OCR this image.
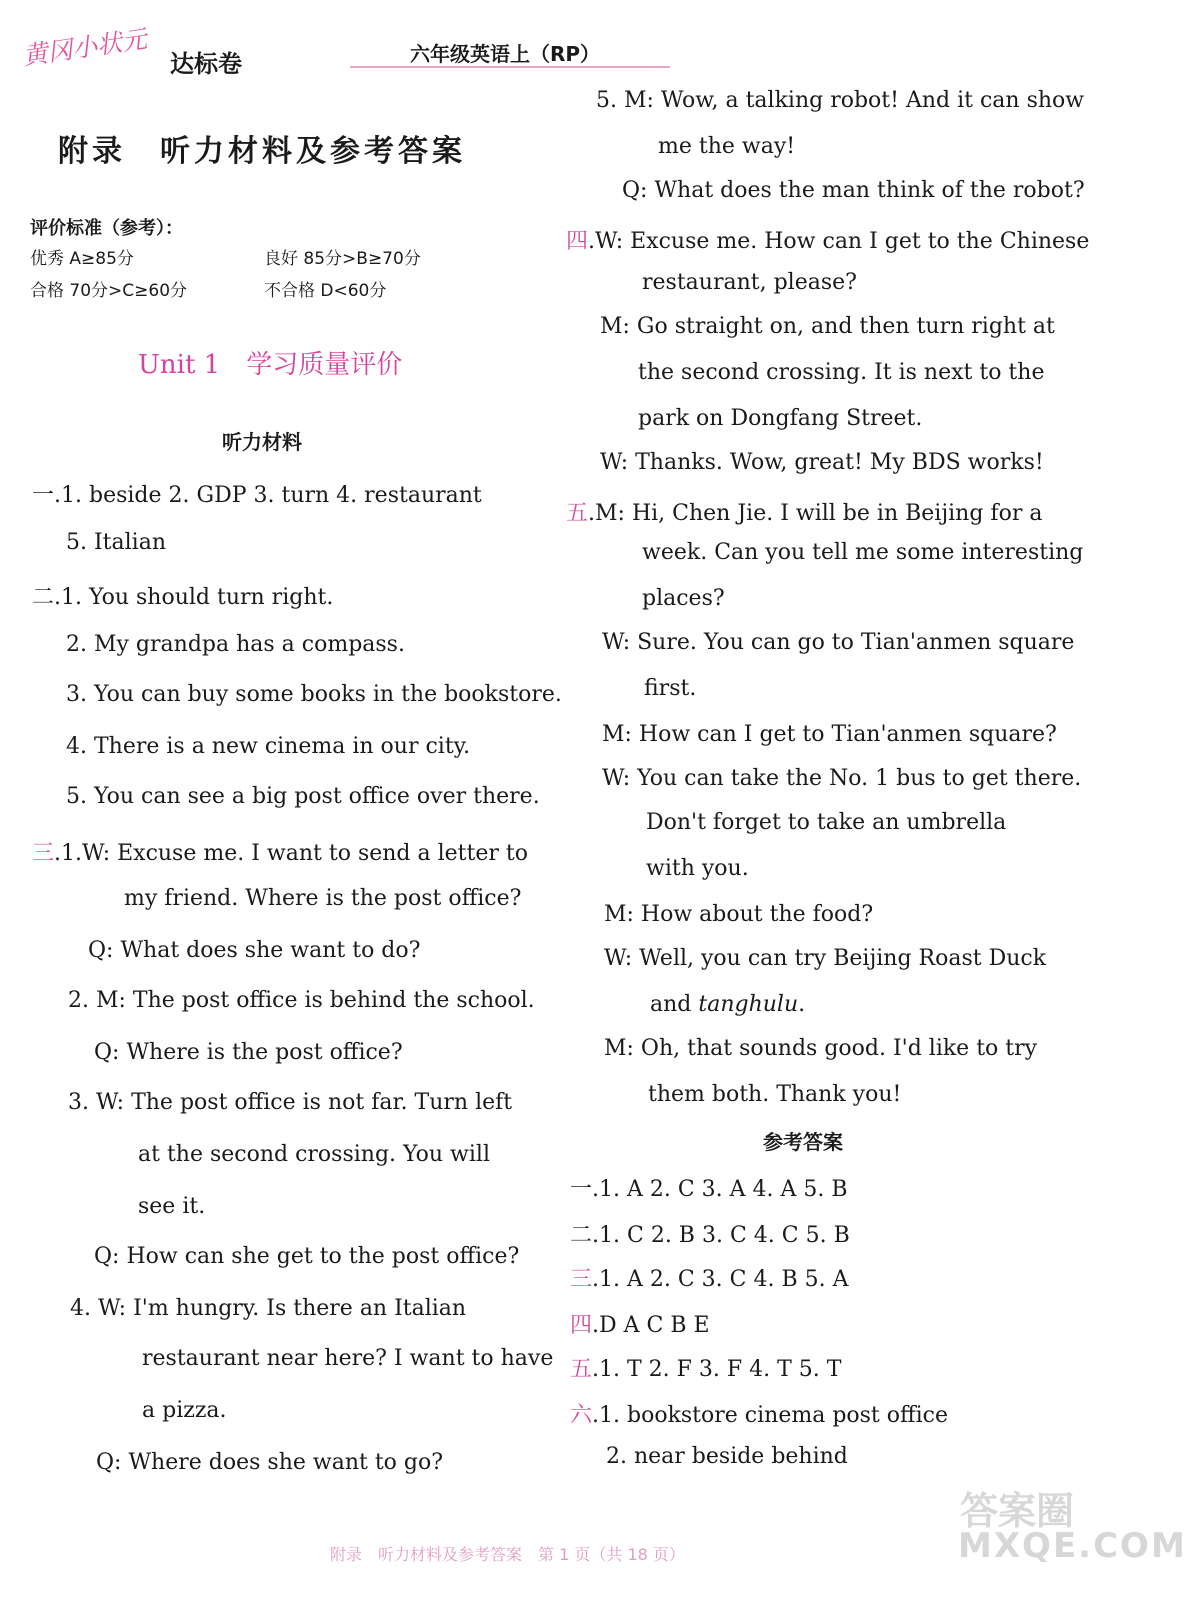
黄冈小状元 达标卷	六年级英语上（RP）
附录　听力材料及参考答案
评价标准（参考）：
优秀 A≥85分	良好 85分>B≥70分
合格 70分>C≥60分	不合格 D<60分
Unit 1　学习质量评价
听力材料
一.1. beside 2. GDP 3. turn 4. restaurant
5. Italian
二.1. You should turn right.
2. My grandpa has a compass.
3. You can buy some books in the bookstore.
4. There is a new cinema in our city.
5. You can see a big post office over there.
三.1.W: Excuse me. I want to send a letter to
my friend. Where is the post office?
Q: What does she want to do?
2. M: The post office is behind the school.
Q: Where is the post office?
3. W: The post office is not far. Turn left
at the second crossing. You will
see it.
Q: How can she get to the post office?
4. W: I'm hungry. Is there an Italian
restaurant near here? I want to have
a pizza.
Q: Where does she want to go?
5. M: Wow, a talking robot! And it can show
me the way!
Q: What does the man think of the robot?
四.W: Excuse me. How can I get to the Chinese
restaurant, please?
M: Go straight on, and then turn right at
the second crossing. It is next to the
park on Dongfang Street.
W: Thanks. Wow, great! My BDS works!
五.M: Hi, Chen Jie. I will be in Beijing for a
week. Can you tell me some interesting
places?
W: Sure. You can go to Tian'anmen square
first.
M: How can I get to Tian'anmen square?
W: You can take the No. 1 bus to get there.
Don't forget to take an umbrella
with you.
M: How about the food?
W: Well, you can try Beijing Roast Duck
and tanghulu.
M: Oh, that sounds good. I'd like to try
them both. Thank you!
参考答案
一.1. A 2. C 3. A 4. A 5. B
二.1. C 2. B 3. C 4. C 5. B
三.1. A 2. C 3. C 4. B 5. A
四.D A C B E
五.1. T 2. F 3. F 4. T 5. T
六.1. bookstore cinema post office
2. near beside behind
附录　听力材料及参考答案　第 1 页（共 18 页）
答案圈
MXQE.COM
